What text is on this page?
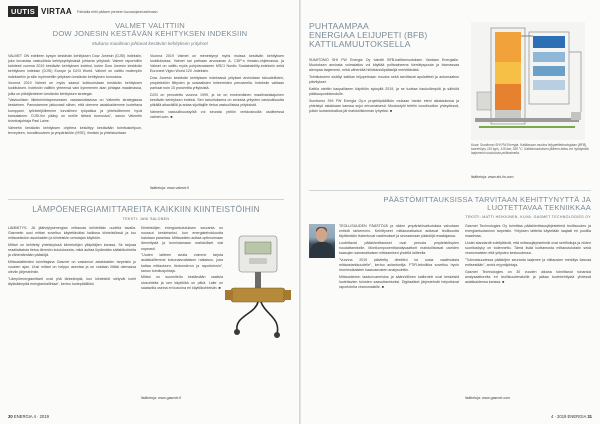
UUTIS VIRTAA Palstalla ehtii pääsee pieneen kuvaanjanmaailmaan
VALMET VALITTIIN
DOW JONESIN KESTÄVÄN KEHITYKSEN INDEKSIIN
Mukana maailman johtavat kestävän kehityksen yritykset

VALMET ON edelleen kysyin kestävän kehityksen Dow Jonesin (DJSI) indeksiin, joka kuvastaa vastuullista kehitysyrityksissä johtavia yrityksiä. Valmet raportoitiin kahdesti vuonna 2019 kestävän kehityksen indeksi, kuten Dow Jonesin kestävän kehityksen indeksin (DJSI) Europe ja DJSI World. Valmet on valittu molempiin indekseihin ja sille myönnettiin yrityksen kestävän kehityksen tunnustus.

Vuonna 2019 Valmet on myös saanut kulttuuristaan kestävän kehityksen luokituksen. Indeksiin valittiin yhteensä vain kymmenen alan johtajaa maailmassa, joilla on pitkäjänteinen kestävän kehityksen strategia.

"Vastuullisen liiketoimintaprosessien vastaanottavissa on Valmetin strategiassa keskeinen. Panostamme jatkuvasti siihen, että olemme asiakkaidemme luotettava kumppani, työntekijöillemme turvallinen työpaikka ja yhteisöllemme hyvä kansalainen. DJSI:hin pääsy on meille tärkeä tunnustus", sanoo Valmetin toimitusjohtaja Pasi Laine.

Valmetin kestävän kehityksen ohjelma keskittyy kestävään toimitusketjuun, terveyteen, turvallisuuteen ja ympäristöön (HSE), ihmisiin ja yhteiskuntaan.

Vuonna 2019 Valmet on menestynyt myös muissa kestävän kehityksen luokituksissa. Valmet sai parhaan arvosanan A- CDP:n ilmasto-ohjelmassa, ja Valmet on valittu myös pohjoismaiseen MSCI Nordic Sustainability-indeksiin sekä Euronext Vigeo World 120 -indeksiin.

Dow Jonesin kestävän kehityksen indeksissä yritykset arvioidaan taloudellisten, ympäristöön liittyvien ja sosiaalisten kriteereiden perusteella. Indeksiin valitaan parhaat noin 10 prosenttia yrityksistä.

DJSI on perustettu vuonna 1999, ja se on ensimmäinen maailmanlaajuinen kestävän kehityksen indeksi. Sen tarkoituksena on arvioida yritysten vastuullisuutta pitkällä aikavälillä ja antaa sijoittajille tietoa vastuullisista yrityksistä.

Valmetin vastuullisuustyötä voi seurata yhtiön verkkosivuilla osoitteessa valmet.com. ■

lisätietoja: www.valmet.fi
LÄMPÖENERGIAMITTAREITA KAIKKIIN KIINTEISTÖIHIN
TEKSTI: JANI SALONEN

LÄMMITYS- JA jäähdytysenergian mittausta kehitetään uudella tavalla. Gasmetin uusi mittari soveltuu käytettäväksi kaikissa kiinteistöissä ja tuo mittaustiedon asukkaiden ja kiinteistön omistajan käyttöön.

Mittari on kehitetty yhteistyössä kiinteistöjen ylläpitäjien kanssa. Se tarjoaa reaaliaikaista tietoa lämmön kulutuksesta, mikä auttaa löytämään säästökohteita ja vähentämään päästöjä.

Mittauslaitteiden toimittajana Gasmet on vastannut asiakkaiden tarpeisiin jo vuosien ajan. Uusi mittari on helppo asentaa ja se voidaan liittää olemassa oleviin järjestelmiin.

"Lämpöenergiamittarit ovat yhä tärkeämpiä, kun kiinteistöt siirtyvät kohti älykkäämpää energianhallintaa", kertoo tuotepäällikkö.

Kiinteistöjen energiankulutuksen seuranta on noussut keskeiseksi, kun energiatehokkuutta halutaan parantaa. Mittaustieto auttaa optimoimaan lämmitystä ja tunnistamaan mahdolliset viat nopeasti.

"Uuden laitteen avulla voimme tarjota asiakkaillemme kokonaisvaltaisen ratkaisun, joka kattaa mittauksen, tiedonsiirron ja raportoinnin", sanoo toimitusjohtaja.

Mittari on suunniteltu kestämään vaativia olosuhteita ja sen käyttöikä on pitkä. Laite on saatavilla useina eri kokoina eri käyttökohteisiin. ■

lisätietoja: www.gasmet.fi
30 ENERGIA 4 · 2019
PUHTAAMPAA
ENERGIAA LEIJUPETI (BFB)
KATTILAMUUTOKSELLA

SUMITOMO SHI FW Energia Oy toimitti BFB-kattilamuutoksen Vantaan Energialle. Muutoksen ansiosta voimalaitos voi käyttää polttoaineena kierrätyspuuta ja biomassaa aiempaa laajemmin, mikä vähentää hiilidioksidipäästöjä merkittävästi.

Toimitukseen sisältyi kattilan leijupetiosan muutos sekä tarvittavat apulaitteet ja automaation päivitykset.

Kattila otettiin kaupalliseen käyttöön syksyllä 2019, ja se tuottaa kaukolämpöä ja sähköä pääkaupunkiseudulle.

Sumitomo SHI FW Energia Oy:n projektipäällikön mukaan hanke eteni aikataulussa ja yhteistyö asiakkaan kanssa sujui erinomaisesti. Muutostyöt tehtiin vuosihuollon yhteydessä, jolloin tuotantokatkos jäi mahdollisimman lyhyeksi. ■

Kuva: Sumitomo SHI FW Energia. Kattilaosan muutos leijupetiteknologiaan (BFB), tuorehöyry 115 kg/s, 115 bar, 530 °C. Kattilamuutoksen jälkeen laitos voi hyödyntää laajemmin uusiutuvia polttoaineita.
lisätietoja: www.shi-fw.com
PÄÄSTÖMITTAUKSISSA TARVITAAN KEHITTYNYTTÄ JA
LUOTETTAVAA TEKNIIKKAA
TEKSTI: MATTI HEIKKINEN, KUVA: GASMET TECHNOLOGIES OY

TEOLLISUUDEN PÄÄSTÖJÄ ja niiden ympäristövaikutuksia valvotaan entistä tarkemmin. Kehittyneet mittausratkaisut auttavat teollisuutta täyttämään tiukentuvat vaatimukset ja seuraamaan päästöjä reaaliajassa.

Luotettavat päästömittaukset ovat perusta ympäristölupien noudattamiselle. Monikomponenttianalysaattorit mahdollistavat useiden kaasujen samanaikaisen mittaamisen yhdellä laitteella.

"Vuonna 2019 päivitetty direktiivi toi uusia vaatimuksia mittaustarkkuudelle", kertoo asiantuntija. FTIR-tekniikka soveltuu hyvin monimutkaisten kaasuseosten analysointiin.

Mittaustiedon laadunvarmistus ja säännöllinen kalibrointi ovat keskeisiä luotettavien tulosten saavuttamiseksi. Digitaaliset järjestelmät helpottavat raportointia viranomaisille. ■

Gasmet Technologies Oy toimittaa päästömittausjärjestelmiä teollisuuden ja energiantuotannon tarpeisiin. Yrityksen laitteita käytetään laajasti eri puolilla maailmaa.

Uudet standardit edellyttävät, että mittausjärjestelmät ovat sertifioituja ja niiden suorituskyky on todennettu. Tämä lisää luottamusta mittaustuloksiin sekä viranomaisten että yritysten keskuudessa.

"Tulevaisuudessa päästöjen seuranta laajenee ja mittausten merkitys kasvaa entisestään", arvioi myyntijohtaja.

Gasmet Technologies on 30 vuoden aikana toimittanut tuhansia analysaattoreita eri teollisuudenaloille ja jatkaa tuotekehitystä yhdessä asiakkaidensa kanssa. ■

lisätietoja: www.gasmet.com
4 · 2019 ENERGIA 31
